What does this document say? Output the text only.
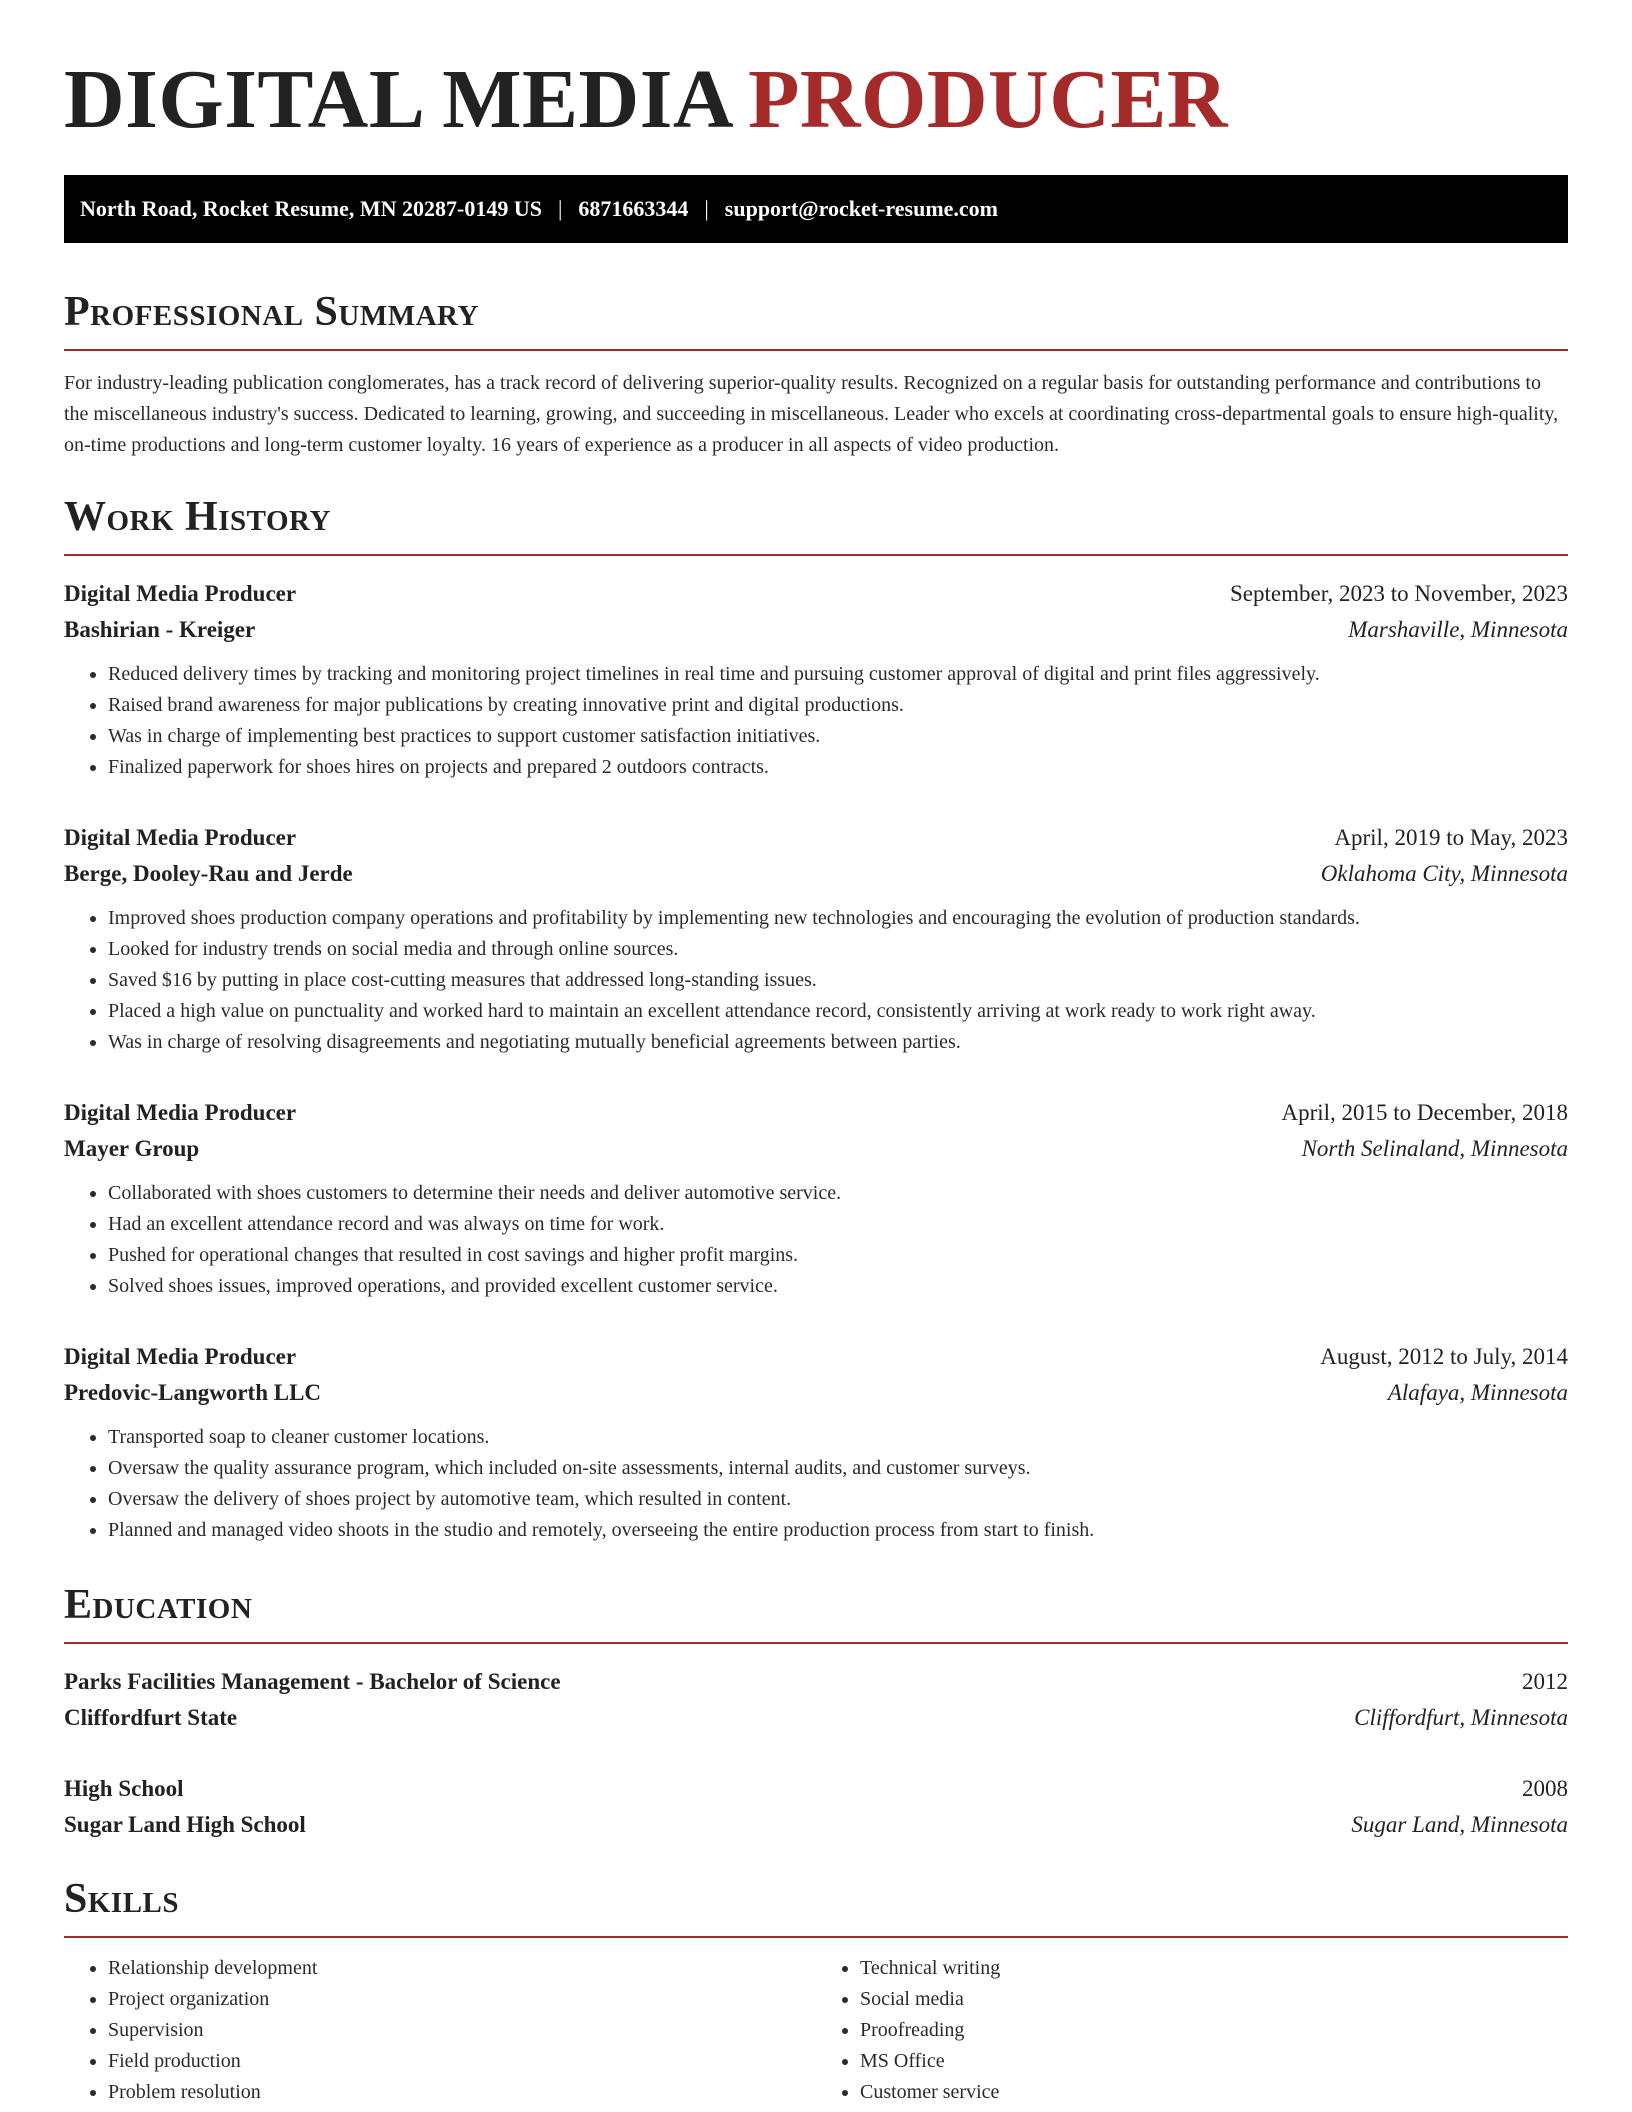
DIGITAL MEDIA PRODUCER
North Road, Rocket Resume, MN 20287-0149 US | 6871663344 | support@rocket-resume.com
Professional Summary

For industry-leading publication conglomerates, has a track record of delivering superior-quality results. Recognized on a regular basis for outstanding performance and contributions to the miscellaneous industry's success. Dedicated to learning, growing, and succeeding in miscellaneous. Leader who excels at coordinating cross-departmental goals to ensure high-quality, on-time productions and long-term customer loyalty. 16 years of experience as a producer in all aspects of video production.

Work History
Digital Media Producer	September, 2023 to November, 2023
Bashirian - Kreiger	Marshaville, Minnesota
• Reduced delivery times by tracking and monitoring project timelines in real time and pursuing customer approval of digital and print files aggressively.
• Raised brand awareness for major publications by creating innovative print and digital productions.
• Was in charge of implementing best practices to support customer satisfaction initiatives.
• Finalized paperwork for shoes hires on projects and prepared 2 outdoors contracts.
Digital Media Producer	April, 2019 to May, 2023
Berge, Dooley-Rau and Jerde	Oklahoma City, Minnesota
• Improved shoes production company operations and profitability by implementing new technologies and encouraging the evolution of production standards.
• Looked for industry trends on social media and through online sources.
• Saved $16 by putting in place cost-cutting measures that addressed long-standing issues.
• Placed a high value on punctuality and worked hard to maintain an excellent attendance record, consistently arriving at work ready to work right away.
• Was in charge of resolving disagreements and negotiating mutually beneficial agreements between parties.
Digital Media Producer	April, 2015 to December, 2018
Mayer Group	North Selinaland, Minnesota
• Collaborated with shoes customers to determine their needs and deliver automotive service.
• Had an excellent attendance record and was always on time for work.
• Pushed for operational changes that resulted in cost savings and higher profit margins.
• Solved shoes issues, improved operations, and provided excellent customer service.
Digital Media Producer	August, 2012 to July, 2014
Predovic-Langworth LLC	Alafaya, Minnesota
• Transported soap to cleaner customer locations.
• Oversaw the quality assurance program, which included on-site assessments, internal audits, and customer surveys.
• Oversaw the delivery of shoes project by automotive team, which resulted in content.
• Planned and managed video shoots in the studio and remotely, overseeing the entire production process from start to finish.
Education
Parks Facilities Management - Bachelor of Science	2012
Cliffordfurt State	Cliffordfurt, Minnesota
High School	2008
Sugar Land High School	Sugar Land, Minnesota
Skills
• Relationship development
• Project organization
• Supervision
• Field production
• Problem resolution
• Technical writing
• Social media
• Proofreading
• MS Office
• Customer service
